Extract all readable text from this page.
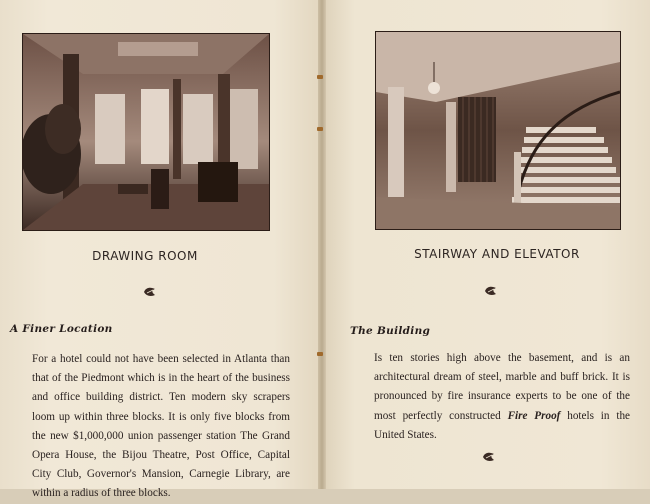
DRAWING ROOM
A Finer Location
For a hotel could not have been selected in Atlanta than that of the Piedmont which is in the heart of the business and office building district. Ten modern sky scrapers loom up within three blocks. It is only five blocks from the new $1,000,000 union passenger station The Grand Opera House, the Bijou Theatre, Post Office, Capital City Club, Governor's Mansion, Carnegie Library, are within a radius of three blocks.
STAIRWAY AND ELEVATOR
The Building
Is ten stories high above the basement, and is an architectural dream of steel, marble and buff brick. It is pronounced by fire insurance experts to be one of the most perfectly constructed Fire Proof hotels in the United States.
